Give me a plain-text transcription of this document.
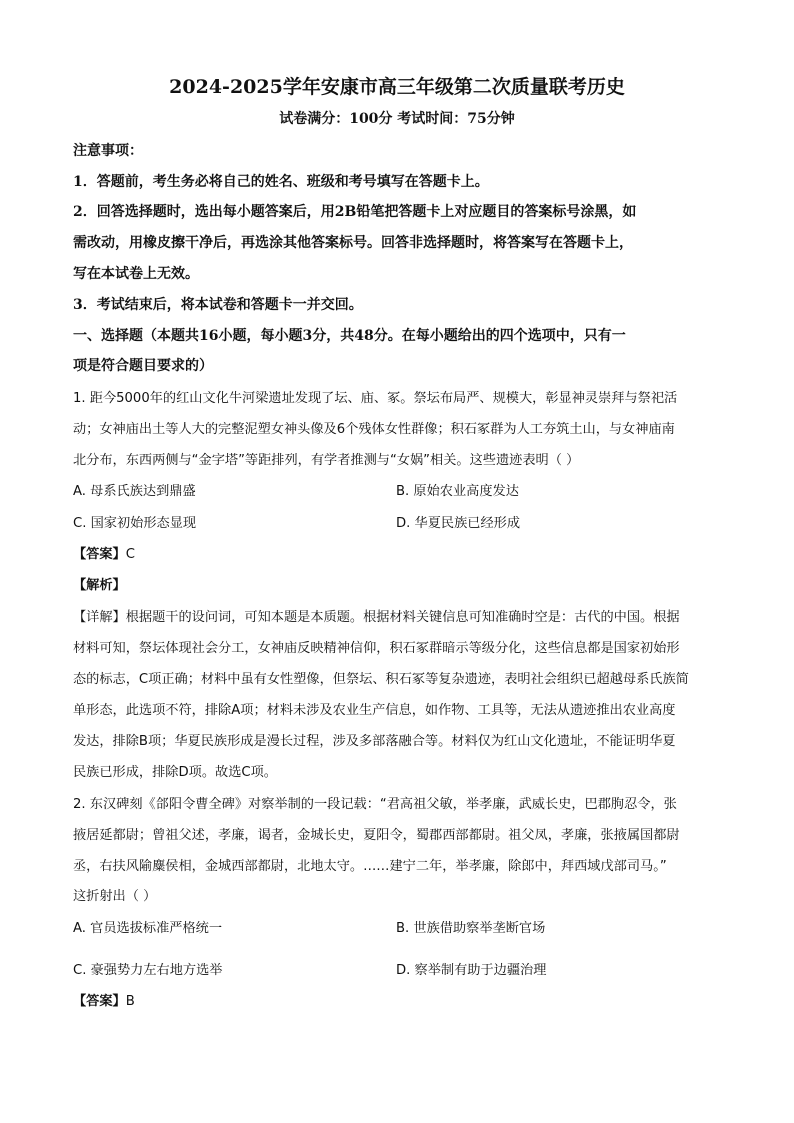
2024-2025学年安康市高三年级第二次质量联考历史
试卷满分：100分 考试时间：75分钟
注意事项：
1．答题前，考生务必将自己的姓名、班级和考号填写在答题卡上。
2．回答选择题时，选出每小题答案后，用2B铅笔把答题卡上对应题目的答案标号涂黑，如
需改动，用橡皮擦干净后，再选涂其他答案标号。回答非选择题时，将答案写在答题卡上，
写在本试卷上无效。
3．考试结束后，将本试卷和答题卡一并交回。
一、选择题（本题共16小题，每小题3分，共48分。在每小题给出的四个选项中，只有一
项是符合题目要求的）
1. 距今5000年的红山文化牛河梁遗址发现了坛、庙、冢。祭坛布局严、规模大，彰显神灵崇拜与祭祀活
动；女神庙出土等人大的完整泥塑女神头像及6个残体女性群像；积石冢群为人工夯筑土山，与女神庙南
北分布，东西两侧与“金字塔”等距排列，有学者推测与“女娲”相关。这些遗迹表明（ ）
A. 母系氏族达到鼎盛	B. 原始农业高度发达
C. 国家初始形态显现	D. 华夏民族已经形成
【答案】C
【解析】
【详解】根据题干的设问词，可知本题是本质题。根据材料关键信息可知准确时空是：古代的中国。根据
材料可知，祭坛体现社会分工，女神庙反映精神信仰，积石冢群暗示等级分化，这些信息都是国家初始形
态的标志，C项正确；材料中虽有女性塑像，但祭坛、积石冢等复杂遗迹，表明社会组织已超越母系氏族简
单形态，此选项不符，排除A项；材料未涉及农业生产信息，如作物、工具等，无法从遗迹推出农业高度
发达，排除B项；华夏民族形成是漫长过程，涉及多部落融合等。材料仅为红山文化遗址，不能证明华夏
民族已形成，排除D项。故选C项。
2. 东汉碑刻《郃阳令曹全碑》对察举制的一段记载：“君高祖父敏，举孝廉，武威长史，巴郡朐忍令，张
掖居延都尉；曾祖父述，孝廉，谒者，金城长史，夏阳令，蜀郡西部都尉。祖父凤，孝廉，张掖属国都尉
丞，右扶风隃麋侯相，金城西部都尉，北地太守。……建宁二年，举孝廉，除郎中，拜西域戊部司马。”
这折射出（ ）
A. 官员选拔标准严格统一	B. 世族借助察举垄断官场
C. 豪强势力左右地方选举	D. 察举制有助于边疆治理
【答案】B
